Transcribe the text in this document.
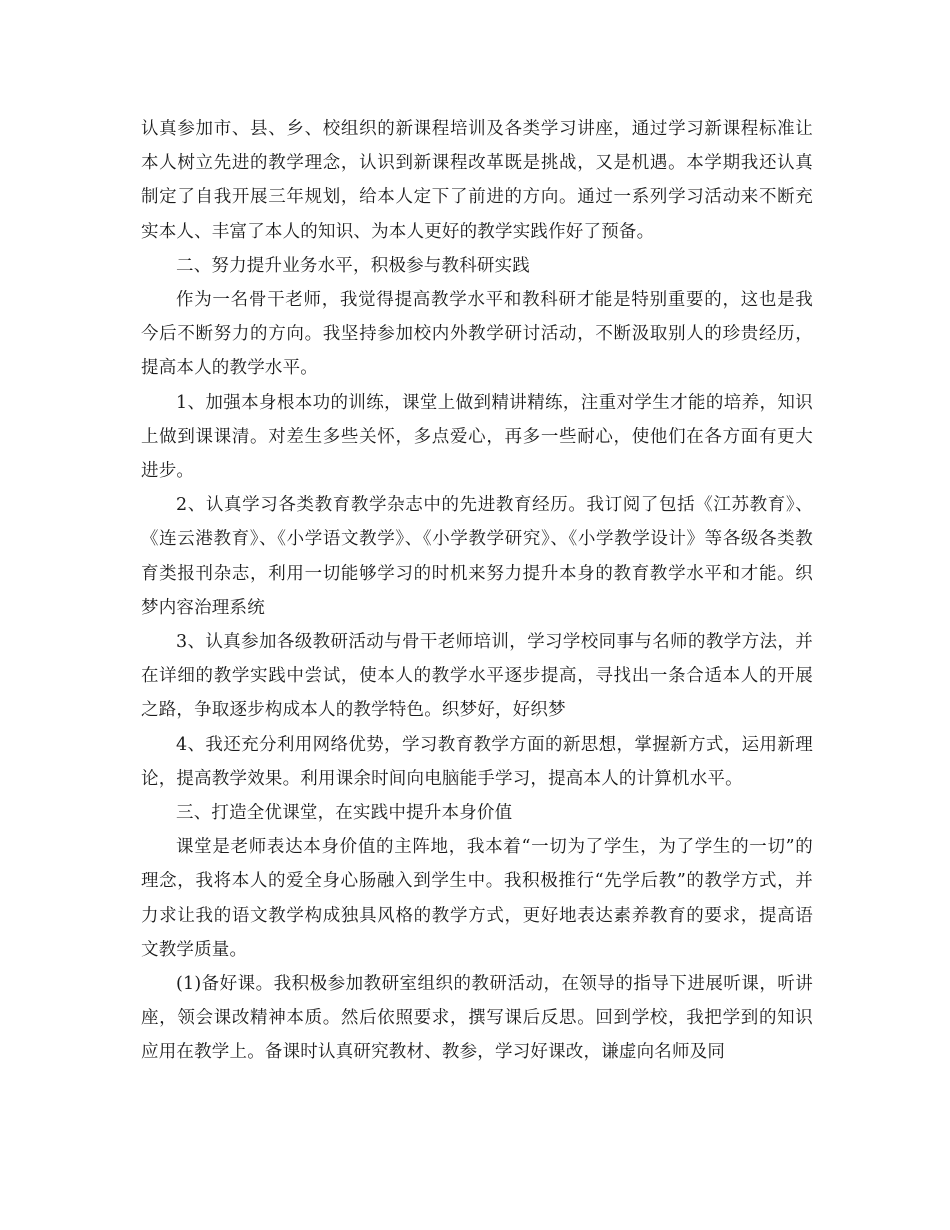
认真参加市、县、乡、校组织的新课程培训及各类学习讲座，通过学习新课程标准让本人树立先进的教学理念，认识到新课程改革既是挑战，又是机遇。本学期我还认真制定了自我开展三年规划，给本人定下了前进的方向。通过一系列学习活动来不断充实本人、丰富了本人的知识、为本人更好的教学实践作好了预备。

二、努力提升业务水平，积极参与教科研实践

作为一名骨干老师，我觉得提高教学水平和教科研才能是特别重要的，这也是我今后不断努力的方向。我坚持参加校内外教学研讨活动，不断汲取别人的珍贵经历，提高本人的教学水平。

1、加强本身根本功的训练，课堂上做到精讲精练，注重对学生才能的培养，知识上做到课课清。对差生多些关怀，多点爱心，再多一些耐心，使他们在各方面有更大进步。

2、认真学习各类教育教学杂志中的先进教育经历。我订阅了包括《江苏教育》、《连云港教育》、《小学语文教学》、《小学教学研究》、《小学教学设计》等各级各类教育类报刊杂志，利用一切能够学习的时机来努力提升本身的教育教学水平和才能。织梦内容治理系统

3、认真参加各级教研活动与骨干老师培训，学习学校同事与名师的教学方法，并在详细的教学实践中尝试，使本人的教学水平逐步提高，寻找出一条合适本人的开展之路，争取逐步构成本人的教学特色。织梦好，好织梦

4、我还充分利用网络优势，学习教育教学方面的新思想，掌握新方式，运用新理论，提高教学效果。利用课余时间向电脑能手学习，提高本人的计算机水平。

三、打造全优课堂，在实践中提升本身价值

课堂是老师表达本身价值的主阵地，我本着“一切为了学生，为了学生的一切”的理念，我将本人的爱全身心肠融入到学生中。我积极推行“先学后教”的教学方式，并力求让我的语文教学构成独具风格的教学方式，更好地表达素养教育的要求，提高语文教学质量。

(1)备好课。我积极参加教研室组织的教研活动，在领导的指导下进展听课，听讲座，领会课改精神本质。然后依照要求，撰写课后反思。回到学校，我把学到的知识应用在教学上。备课时认真研究教材、教参，学习好课改，谦虚向名师及同
